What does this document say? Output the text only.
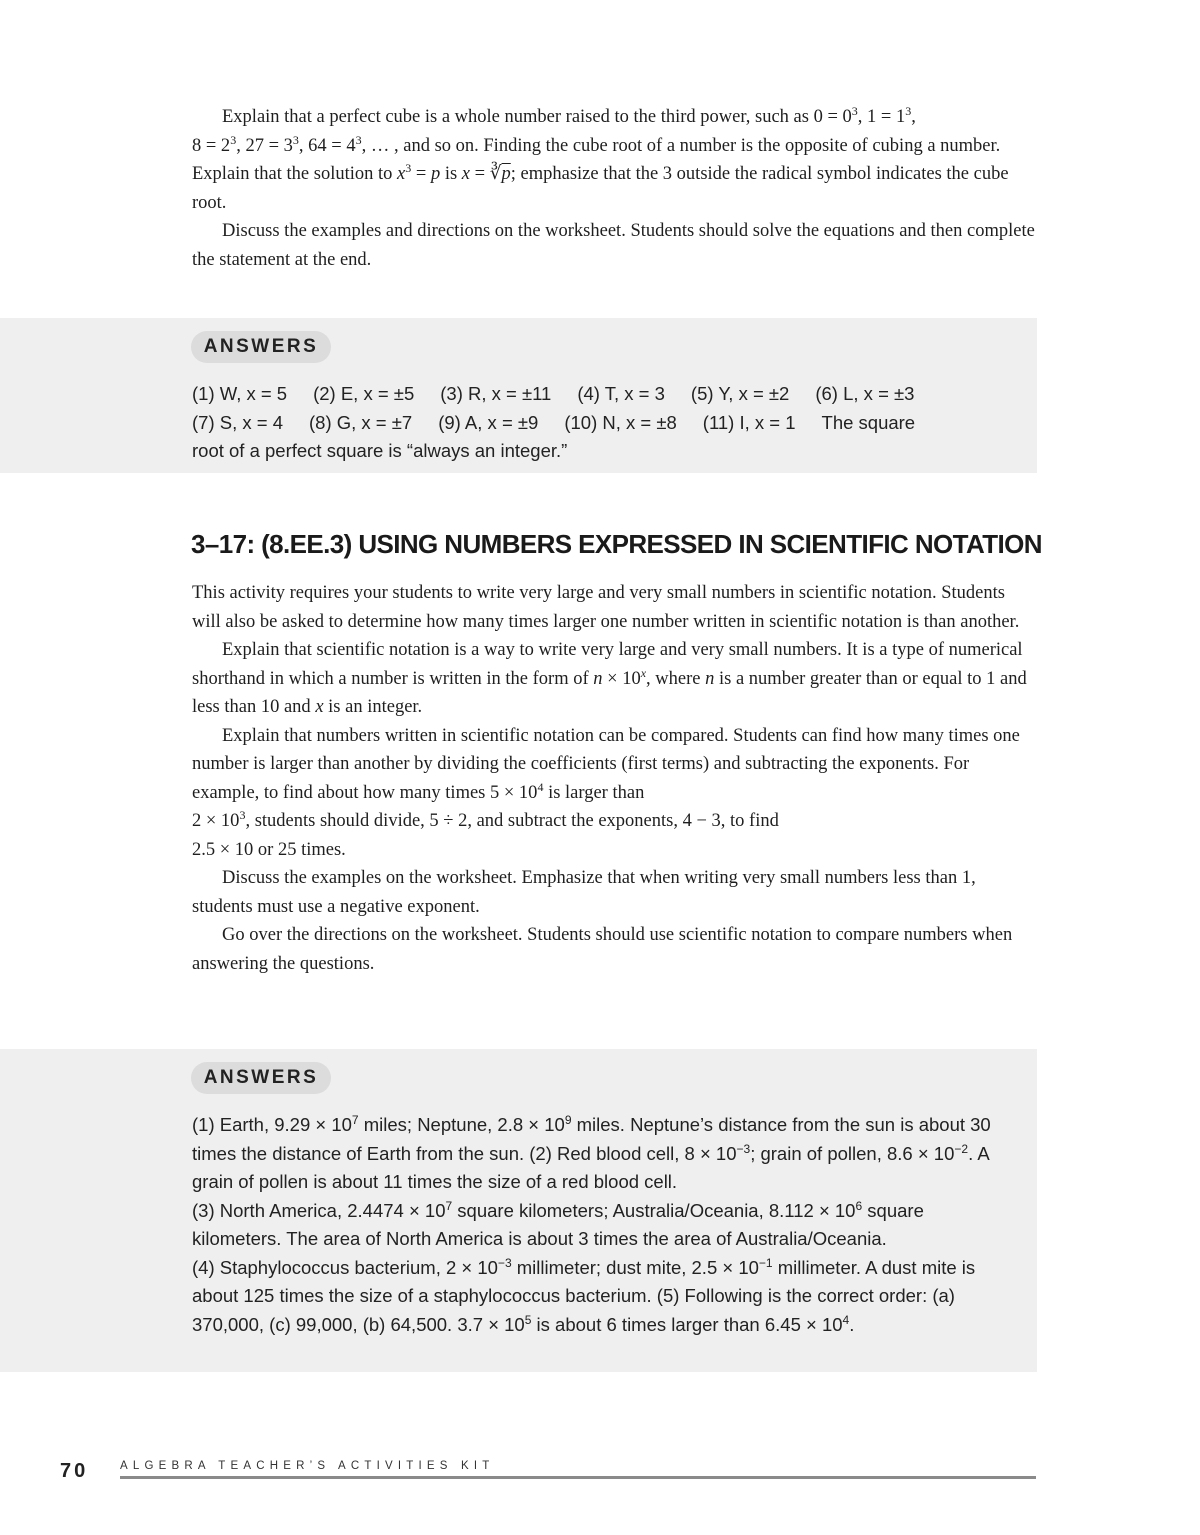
Explain that a perfect cube is a whole number raised to the third power, such as $0 = 0^3$, $1 = 1^3$,
$8 = 2^3$, $27 = 3^3$, $64 = 4^3$, … , and so on. Finding the cube root of a number is the opposite of cubing a number. Explain that the solution to $x^3 = p$ is $x = ∛\overline{p}$; emphasize that the 3 outside the radical symbol indicates the cube root.

Discuss the examples and directions on the worksheet. Students should solve the equations and then complete the statement at the end.

ANSWERS
(1) W, x = 5 (2) E, x = ±5 (3) R, x = ±11 (4) T, x = 3 (5) Y, x = ±2 (6) L, x = ±3
(7) S, x = 4 (8) G, x = ±7 (9) A, x = ±9 (10) N, x = ±8 (11) I, x = 1 The square
root of a perfect square is “always an integer.”
3–17: (8.EE.3) USING NUMBERS EXPRESSED IN SCIENTIFIC NOTATION

This activity requires your students to write very large and very small numbers in scientific notation. Students will also be asked to determine how many times larger one number written in scientific notation is than another.

Explain that scientific notation is a way to write very large and very small numbers. It is a type of numerical shorthand in which a number is written in the form of $n \times 10^x$, where n is a number greater than or equal to 1 and less than 10 and x is an integer.

Explain that numbers written in scientific notation can be compared. Students can find how many times one number is larger than another by dividing the coefficients (first terms) and subtracting the exponents. For example, to find about how many times $5 \times 10^4$ is larger than
$2 \times 10^3$, students should divide, 5 ÷ 2, and subtract the exponents, 4 − 3, to find
2.5 × 10 or 25 times.

Discuss the examples on the worksheet. Emphasize that when writing very small numbers less than 1, students must use a negative exponent.

Go over the directions on the worksheet. Students should use scientific notation to compare numbers when answering the questions.

ANSWERS
(1) Earth, $9.29 \times 10^7$ miles; Neptune, $2.8 \times 10^9$ miles. Neptune’s distance from the sun is about 30 times the distance of Earth from the sun. (2) Red blood cell, $8 \times 10^{-3}$; grain of pollen, $8.6 \times 10^{-2}$. A grain of pollen is about 11 times the size of a red blood cell.
(3) North America, $2.4474 \times 10^7$ square kilometers; Australia/Oceania, $8.112 \times 10^6$ square kilometers. The area of North America is about 3 times the area of Australia/Oceania.
(4) Staphylococcus bacterium, $2 \times 10^{-3}$ millimeter; dust mite, $2.5 \times 10^{-1}$ millimeter. A dust mite is about 125 times the size of a staphylococcus bacterium. (5) Following is the correct order: (a) 370,000, (c) 99,000, (b) 64,500. $3.7 \times 10^5$ is about 6 times larger than $6.45 \times 10^4$.
70	ALGEBRA TEACHER’S ACTIVITIES KIT
